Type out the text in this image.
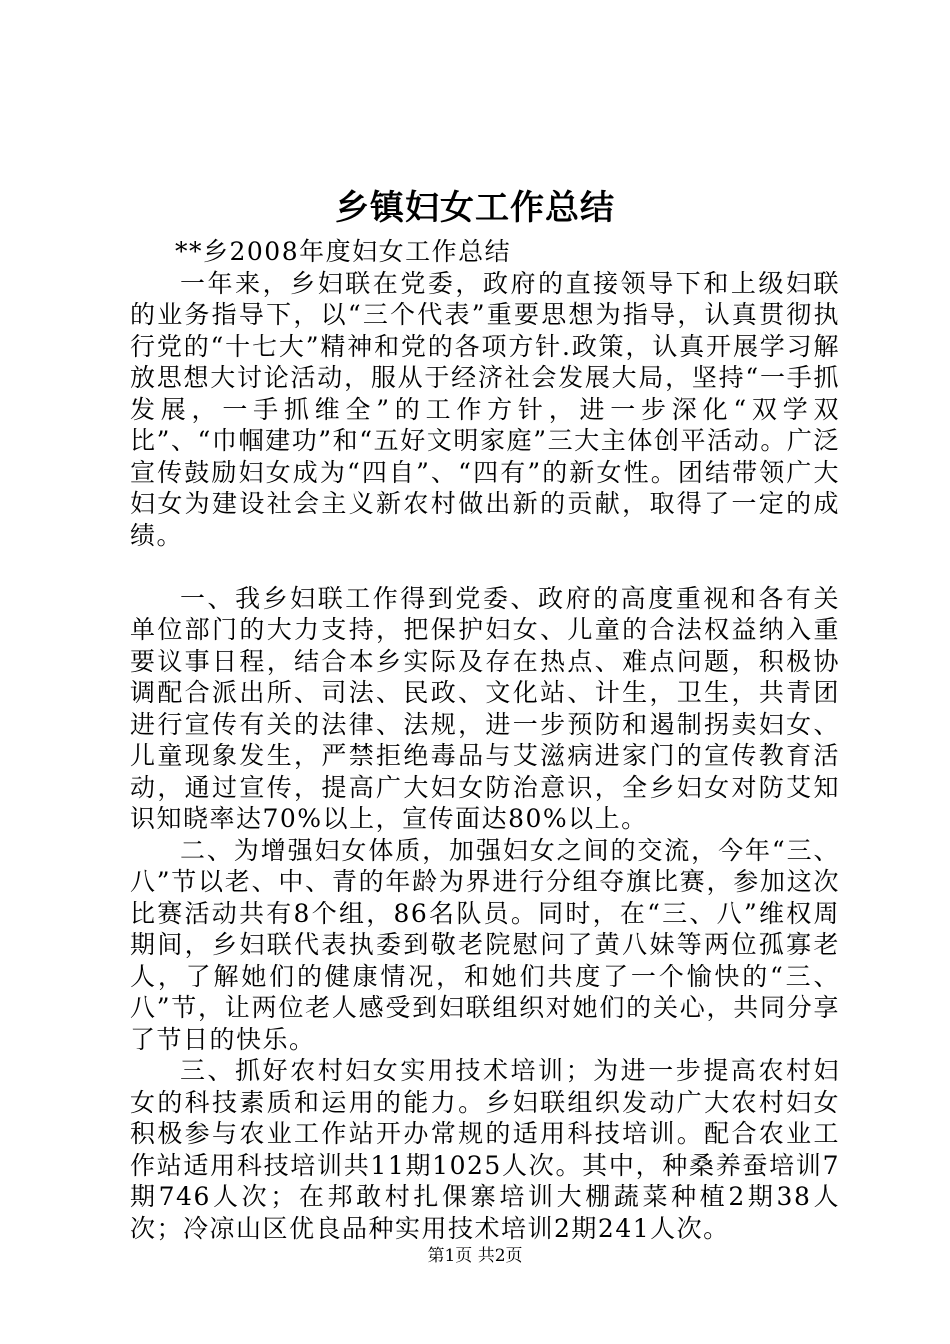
乡镇妇女工作总结

**乡2008年度妇女工作总结

一年来，乡妇联在党委，政府的直接领导下和上级妇联的业务指导下，以“三个代表”重要思想为指导，认真贯彻执行党的“十七大”精神和党的各项方针.政策，认真开展学习解放思想大讨论活动，服从于经济社会发展大局，坚持“一手抓发展，一手抓维全”的工作方针，进一步深化“双学双比”、“巾帼建功”和“五好文明家庭”三大主体创平活动。广泛宣传鼓励妇女成为“四自”、“四有”的新女性。团结带领广大妇女为建设社会主义新农村做出新的贡献，取得了一定的成绩。

一、我乡妇联工作得到党委、政府的高度重视和各有关单位部门的大力支持，把保护妇女、儿童的合法权益纳入重要议事日程，结合本乡实际及存在热点、难点问题，积极协调配合派出所、司法、民政、文化站、计生，卫生，共青团进行宣传有关的法律、法规，进一步预防和遏制拐卖妇女、儿童现象发生，严禁拒绝毒品与艾滋病进家门的宣传教育活动，通过宣传，提高广大妇女防治意识，全乡妇女对防艾知识知晓率达70%以上，宣传面达80%以上。

二、为增强妇女体质，加强妇女之间的交流，今年“三、八”节以老、中、青的年龄为界进行分组夺旗比赛，参加这次比赛活动共有8个组，86名队员。同时，在“三、八”维权周期间，乡妇联代表执委到敬老院慰问了黄八妹等两位孤寡老人，了解她们的健康情况，和她们共度了一个愉快的“三、八”节，让两位老人感受到妇联组织对她们的关心，共同分享了节日的快乐。

三、抓好农村妇女实用技术培训；为进一步提高农村妇女的科技素质和运用的能力。乡妇联组织发动广大农村妇女积极参与农业工作站开办常规的适用科技培训。配合农业工作站适用科技培训共11期1025人次。其中，种桑养蚕培训7期746人次；在邦敢村扎倮寨培训大棚蔬菜种植2期38人次；冷凉山区优良品种实用技术培训2期241人次。

第1页 共2页
